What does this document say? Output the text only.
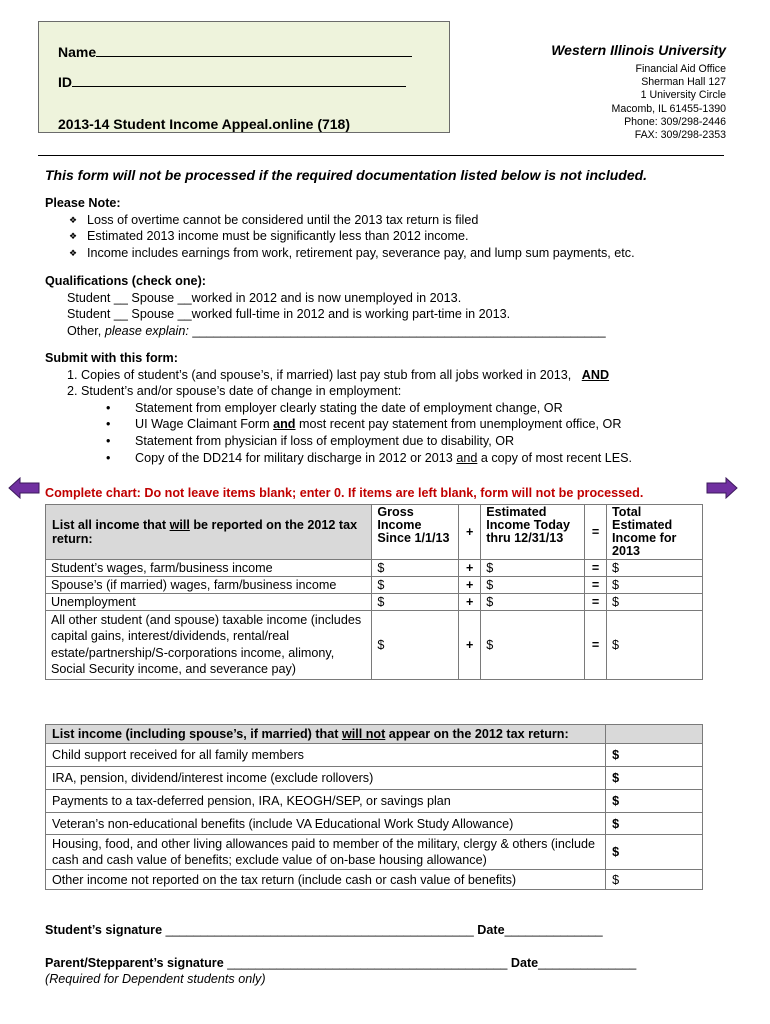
Name
ID
2013-14 Student Income Appeal.online (718)
Western Illinois University
Financial Aid Office
Sherman Hall 127
1 University Circle
Macomb, IL 61455-1390
Phone: 309/298-2446
FAX: 309/298-2353
This form will not be processed if the required documentation listed below is not included.
Please Note:
❖ Loss of overtime cannot be considered until the 2013 tax return is filed
❖ Estimated 2013 income must be significantly less than 2012 income.
❖ Income includes earnings from work, retirement pay, severance pay, and lump sum payments, etc.
Qualifications (check one):
Student __ Spouse __worked in 2012 and is now unemployed in 2013.
Student __ Spouse __worked full-time in 2012 and is working part-time in 2013.
Other, please explain: ___________________________________________________________
Submit with this form:
1. Copies of student’s (and spouse’s, if married) last pay stub from all jobs worked in 2013, AND
2. Student’s and/or spouse’s date of change in employment:
• Statement from employer clearly stating the date of employment change, OR
• UI Wage Claimant Form and most recent pay statement from unemployment office, OR
• Statement from physician if loss of employment due to disability, OR
• Copy of the DD214 for military discharge in 2012 or 2013 and a copy of most recent LES.
Complete chart: Do not leave items blank; enter 0. If items are left blank, form will not be processed.
List all income that will be reported on the 2012 tax return:	Gross Income Since 1/1/13	+	Estimated Income Today thru 12/31/13	=	Total Estimated Income for 2013
Student’s wages, farm/business income	$	+	$	=	$
Spouse’s (if married) wages, farm/business income	$	+	$	=	$
Unemployment	$	+	$	=	$
All other student (and spouse) taxable income (includes capital gains, interest/dividends, rental/real estate/partnership/S-corporations income, alimony, Social Security income, and severance pay)	$	+	$	=	$
List income (including spouse’s, if married) that will not appear on the 2012 tax return:	
Child support received for all family members	$
IRA, pension, dividend/interest income (exclude rollovers)	$
Payments to a tax-deferred pension, IRA, KEOGH/SEP, or savings plan	$
Veteran’s non-educational benefits (include VA Educational Work Study Allowance)	$
Housing, food, and other living allowances paid to member of the military, clergy & others (include cash and cash value of benefits; exclude value of on-base housing allowance)	$
Other income not reported on the tax return (include cash or cash value of benefits)	$
Student’s signature ____________________________________________ Date______________
Parent/Stepparent’s signature ________________________________________ Date______________
(Required for Dependent students only)
